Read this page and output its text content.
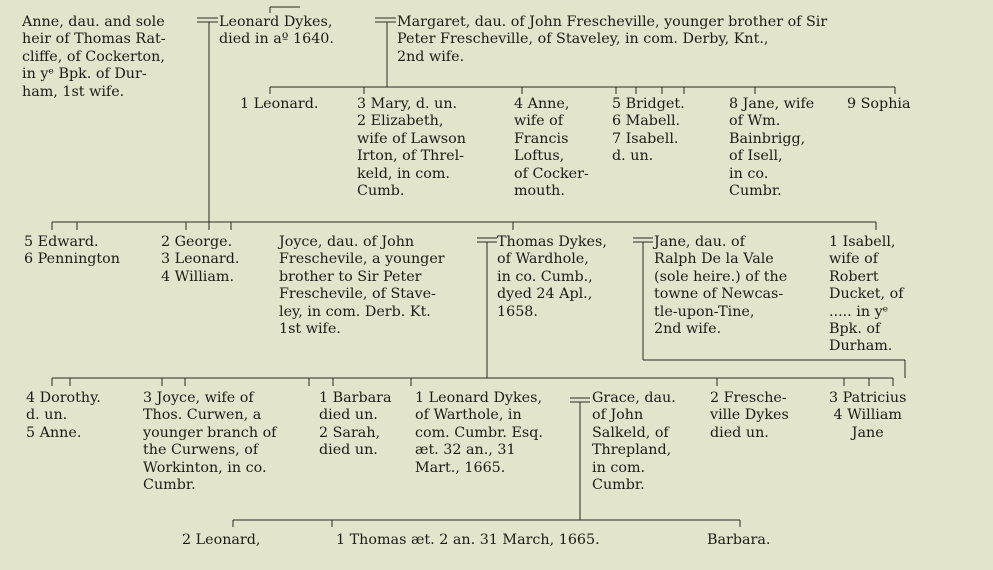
Anne, dau. and sole
heir of Thomas Rat-
cliffe, of Cockerton,
in yᵉ Bpk. of Dur-
ham, 1st wife.
Leonard Dykes,
died in aº 1640.
Margaret, dau. of John Frescheville, younger brother of Sir
Peter Frescheville, of Staveley, in com. Derby, Knt.,
2nd wife.
1 Leonard.	3 Mary, d. un.
2 Elizabeth,
wife of Lawson
Irton, of Threl-
keld, in com.
Cumb.
4 Anne,
wife of
Francis
Loftus,
of Cocker-
mouth.
5 Bridget.
6 Mabell.
7 Isabell.
d. un.
8 Jane, wife
of Wm.
Bainbrigg,
of Isell,
in co.
Cumbr.
9 Sophia
5 Edward.
6 Pennington
2 George.
3 Leonard.
4 William.
Joyce, dau. of John
Freschevile, a younger
brother to Sir Peter
Freschevile, of Stave-
ley, in com. Derb. Kt.
1st wife.
Thomas Dykes,
of Wardhole,
in co. Cumb.,
dyed 24 Apl.,
1658.
Jane, dau. of
Ralph De la Vale
(sole heire.) of the
towne of Newcas-
tle-upon-Tine,
2nd wife.
1 Isabell,
wife of
Robert
Ducket, of
..... in yᵉ
Bpk. of
Durham.
4 Dorothy.
d. un.
5 Anne.
3 Joyce, wife of
Thos. Curwen, a
younger branch of
the Curwens, of
Workinton, in co.
Cumbr.
1 Barbara
died un.
2 Sarah,
died un.
1 Leonard Dykes,
of Warthole, in
com. Cumbr. Esq.
æt. 32 an., 31
Mart., 1665.
Grace, dau.
of John
Salkeld, of
Threpland,
in com.
Cumbr.
2 Fresche-
ville Dykes
died un.
3 Patricius
4 William
Jane
2 Leonard,	1 Thomas æt. 2 an. 31 March, 1665.	Barbara.
